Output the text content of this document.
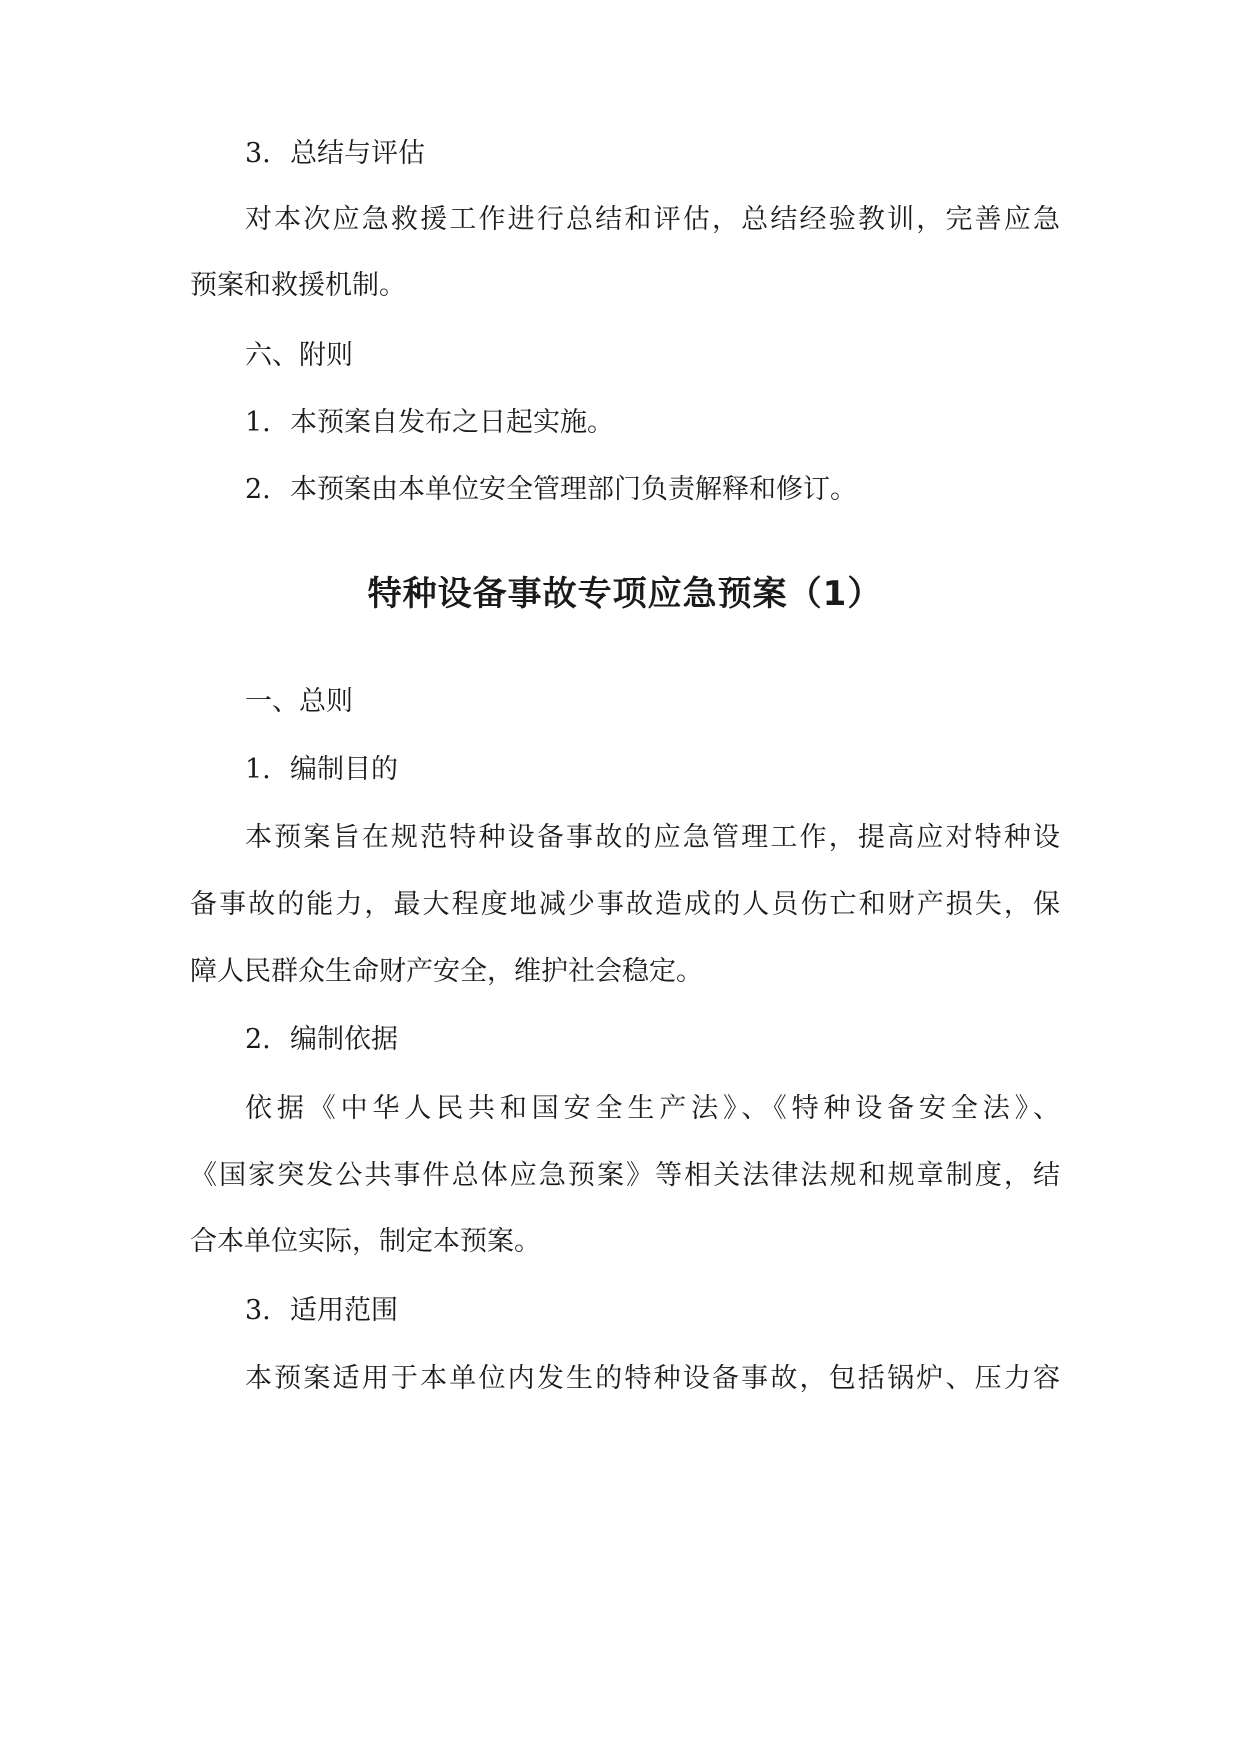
3. 总结与评估
对本次应急救援工作进行总结和评估，总结经验教训，完善应急
预案和救援机制。
六、附则
1. 本预案自发布之日起实施。
2. 本预案由本单位安全管理部门负责解释和修订。
特种设备事故专项应急预案（1）
一、总则
1. 编制目的
本预案旨在规范特种设备事故的应急管理工作，提高应对特种设
备事故的能力，最大程度地减少事故造成的人员伤亡和财产损失，保
障人民群众生命财产安全，维护社会稳定。
2. 编制依据
依据《中华人民共和国安全生产法》、《特种设备安全法》、
《国家突发公共事件总体应急预案》等相关法律法规和规章制度，结
合本单位实际，制定本预案。
3. 适用范围
本预案适用于本单位内发生的特种设备事故，包括锅炉、压力容
